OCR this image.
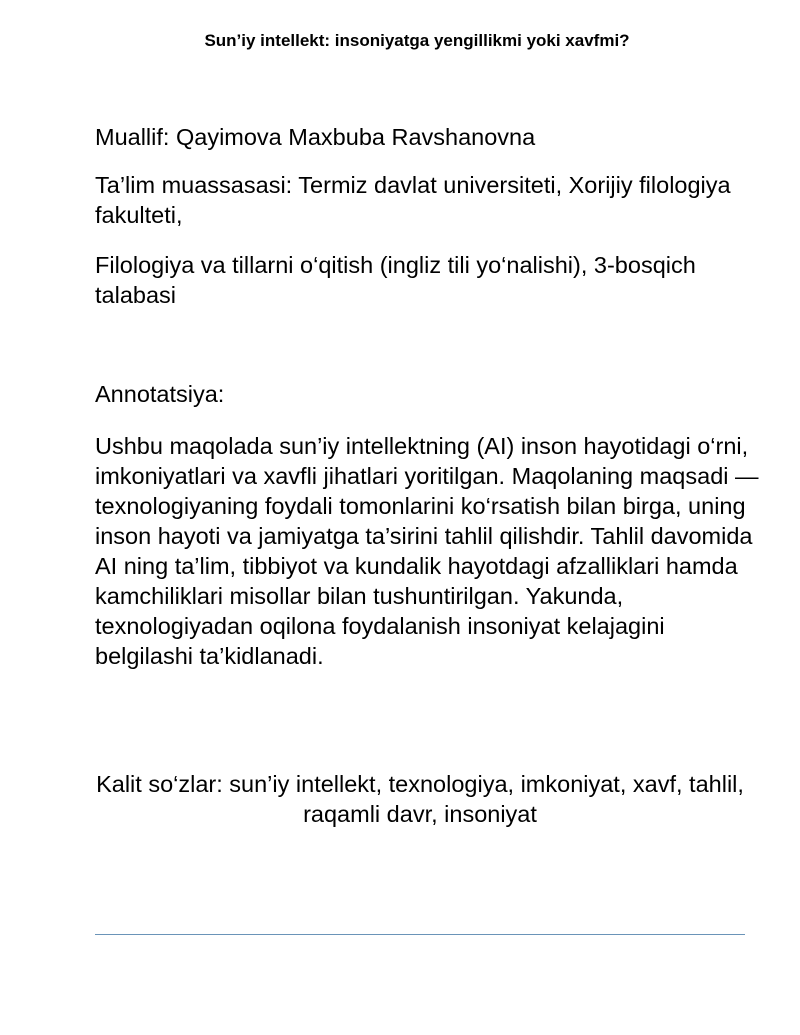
Sun’iy intellekt: insoniyatga yengillikmi yoki xavfmi?
Muallif: Qayimova Maxbuba Ravshanovna
Ta’lim muassasasi: Termiz davlat universiteti, Xorijiy filologiya fakulteti,
Filologiya va tillarni o‘qitish (ingliz tili yo‘nalishi), 3-bosqich talabasi
Annotatsiya:
Ushbu maqolada sun’iy intellektning (AI) inson hayotidagi o‘rni, imkoniyatlari va xavfli jihatlari yoritilgan. Maqolaning maqsadi — texnologiyaning foydali tomonlarini ko‘rsatish bilan birga, uning inson hayoti va jamiyatga ta’sirini tahlil qilishdir. Tahlil davomida AI ning ta’lim, tibbiyot va kundalik hayotdagi afzalliklari hamda kamchiliklari misollar bilan tushuntirilgan. Yakunda, texnologiyadan oqilona foydalanish insoniyat kelajagini belgilashi ta’kidlanadi.
Kalit so‘zlar: sun’iy intellekt, texnologiya, imkoniyat, xavf, tahlil, raqamli davr, insoniyat
